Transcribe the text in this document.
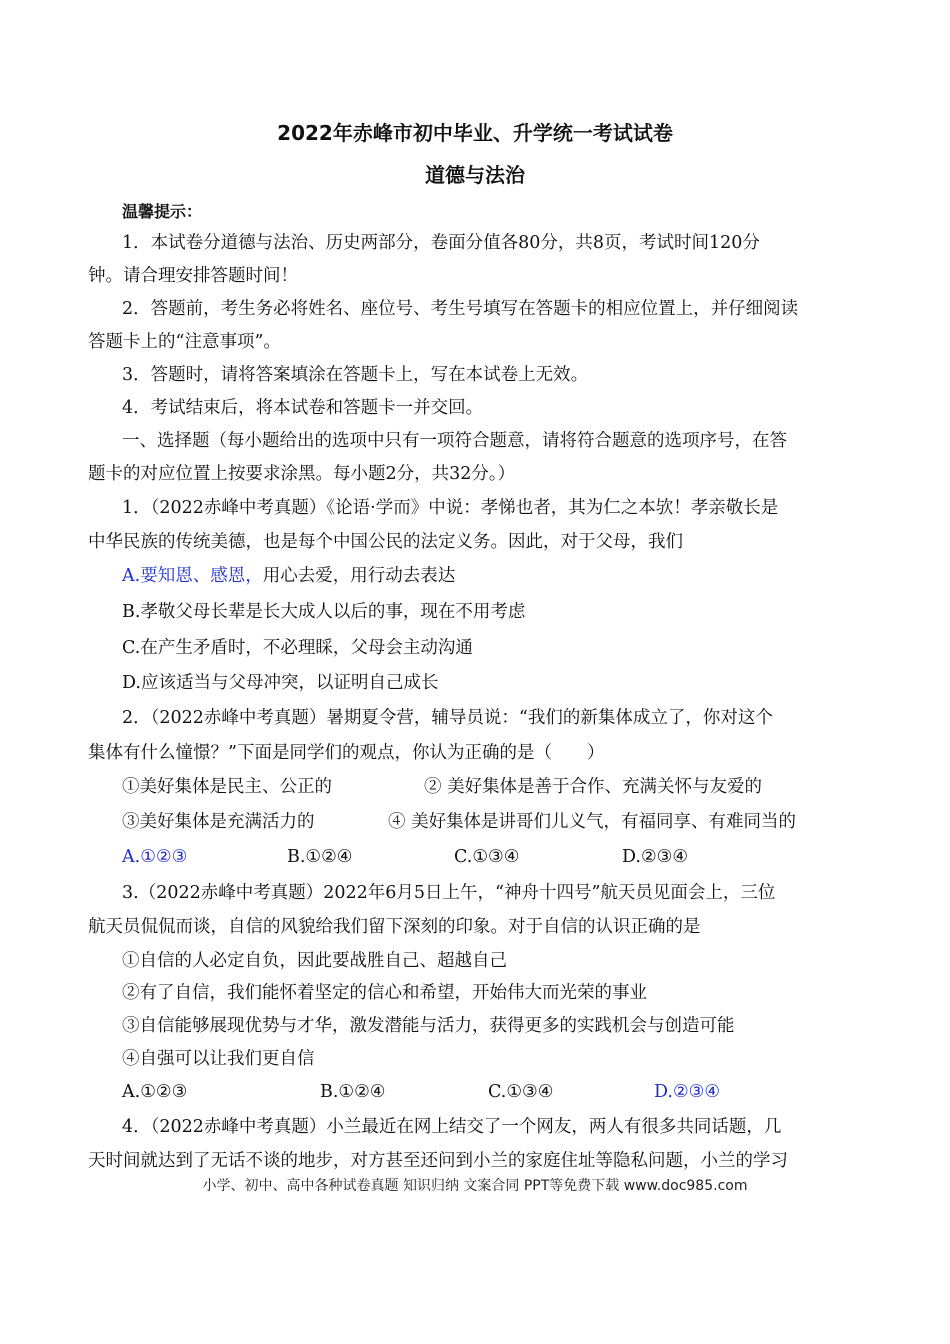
2022年赤峰市初中毕业、升学统一考试试卷
道德与法治
温馨提示：
1．本试卷分道德与法治、历史两部分，卷面分值各80分，共8页，考试时间120分
钟。请合理安排答题时间！
2．答题前，考生务必将姓名、座位号、考生号填写在答题卡的相应位置上，并仔细阅读
答题卡上的“注意事项”。
3．答题时，请将答案填涂在答题卡上，写在本试卷上无效。
4．考试结束后，将本试卷和答题卡一并交回。
一、选择题（每小题给出的选项中只有一项符合题意，请将符合题意的选项序号，在答
题卡的对应位置上按要求涂黑。每小题2分，共32分。）
1．（2022赤峰中考真题）《论语·学而》中说：孝悌也者，其为仁之本欤！孝亲敬长是
中华民族的传统美德，也是每个中国公民的法定义务。因此，对于父母，我们
A.要知恩、感恩，用心去爱，用行动去表达
B.孝敬父母长辈是长大成人以后的事，现在不用考虑
C.在产生矛盾时，不必理睬，父母会主动沟通
D.应该适当与父母冲突，以证明自己成长
2．（2022赤峰中考真题）暑期夏令营，辅导员说：“我们的新集体成立了，你对这个
集体有什么憧憬？”下面是同学们的观点，你认为正确的是（　　）
①美好集体是民主、公正的	② 美好集体是善于合作、充满关怀与友爱的
③美好集体是充满活力的	④ 美好集体是讲哥们儿义气，有福同享、有难同当的
A.①②③	B.①②④	C.①③④	D.②③④
3.（2022赤峰中考真题）2022年6月5日上午，“神舟十四号”航天员见面会上，三位
航天员侃侃而谈，自信的风貌给我们留下深刻的印象。对于自信的认识正确的是
①自信的人必定自负，因此要战胜自己、超越自己
②有了自信，我们能怀着坚定的信心和希望，开始伟大而光荣的事业
③自信能够展现优势与才华，激发潜能与活力，获得更多的实践机会与创造可能
④自强可以让我们更自信
A.①②③	B.①②④	C.①③④	D.②③④
4．（2022赤峰中考真题）小兰最近在网上结交了一个网友，两人有很多共同话题，几
天时间就达到了无话不谈的地步，对方甚至还问到小兰的家庭住址等隐私问题，小兰的学习
小学、初中、高中各种试卷真题 知识归纳 文案合同 PPT等免费下载 www.doc985.com
